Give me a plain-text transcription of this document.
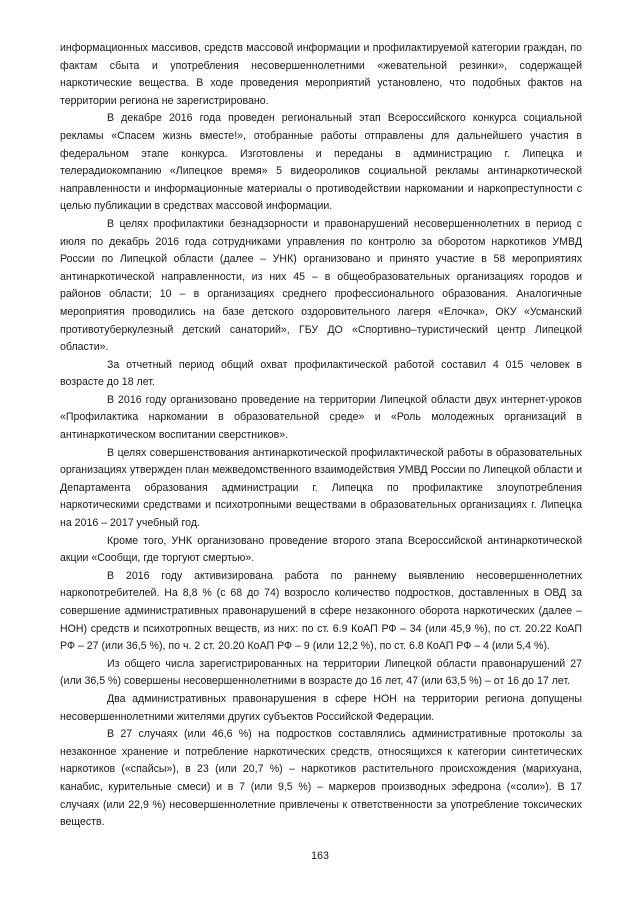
информационных массивов, средств массовой информации и профилактируемой категории граждан, по фактам сбыта и употребления несовершеннолетними «жевательной резинки», содержащей наркотические вещества. В ходе проведения мероприятий установлено, что подобных фактов на территории региона не зарегистрировано.

В декабре 2016 года проведен региональный этап Всероссийского конкурса социальной рекламы «Спасем жизнь вместе!», отобранные работы отправлены для дальнейшего участия в федеральном этапе конкурса. Изготовлены и переданы в администрацию г. Липецка и телерадиокомпанию «Липецкое время» 5 видеороликов социальной рекламы антинаркотической направленности и информационные материалы о противодействии наркомании и наркопреступности с целью публикации в средствах массовой информации.

В целях профилактики безнадзорности и правонарушений несовершеннолетних в период с июля по декабрь 2016 года сотрудниками управления по контролю за оборотом наркотиков УМВД России по Липецкой области (далее – УНК) организовано и принято участие в 58 мероприятиях антинаркотической направленности, из них 45 – в общеобразовательных организациях городов и районов области; 10 – в организациях среднего профессионального образования. Аналогичные мероприятия проводились на базе детского оздоровительного лагеря «Елочка», ОКУ «Усманский противотуберкулезный детский санаторий», ГБУ ДО «Спортивно–туристический центр Липецкой области».

За отчетный период общий охват профилактической работой составил 4 015 человек в возрасте до 18 лет.

В 2016 году организовано проведение на территории Липецкой области двух интернет-уроков «Профилактика наркомании в образовательной среде» и «Роль молодежных организаций в антинаркотическом воспитании сверстников».

В целях совершенствования антинаркотической профилактической работы в образовательных организациях утвержден план межведомственного взаимодействия УМВД России по Липецкой области и Департамента образования администрации г. Липецка по профилактике злоупотребления наркотическими средствами и психотропными веществами в образовательных организациях г. Липецка на 2016 – 2017 учебный год.

Кроме того, УНК организовано проведение второго этапа Всероссийской антинаркотической акции «Сообщи, где торгуют смертью».

В 2016 году активизирована работа по раннему выявлению несовершеннолетних наркопотребителей. На 8,8 % (с 68 до 74) возросло количество подростков, доставленных в ОВД за совершение административных правонарушений в сфере незаконного оборота наркотических (далее – НОН) средств и психотропных веществ, из них: по ст. 6.9 КоАП РФ – 34 (или 45,9 %), по ст. 20.22 КоАП РФ – 27 (или 36,5 %), по ч. 2 ст. 20.20 КоАП РФ – 9 (или 12,2 %), по ст. 6.8 КоАП РФ – 4 (или 5,4 %).

Из общего числа зарегистрированных на территории Липецкой области правонарушений 27 (или 36,5 %) совершены несовершеннолетними в возрасте до 16 лет, 47 (или 63,5 %) – от 16 до 17 лет.

Два административных правонарушения в сфере НОН на территории региона допущены несовершеннолетними жителями других субъектов Российской Федерации.

В 27 случаях (или 46,6 %) на подростков составлялись административные протоколы за незаконное хранение и потребление наркотических средств, относящихся к категории синтетических наркотиков («спайсы»), в 23 (или 20,7 %) – наркотиков растительного происхождения (марихуана, канабис, курительные смеси) и в 7 (или 9,5 %) – маркеров производных эфедрона («соли»). В 17 случаях (или 22,9 %) несовершеннолетние привлечены к ответственности за употребление токсических веществ.

163
